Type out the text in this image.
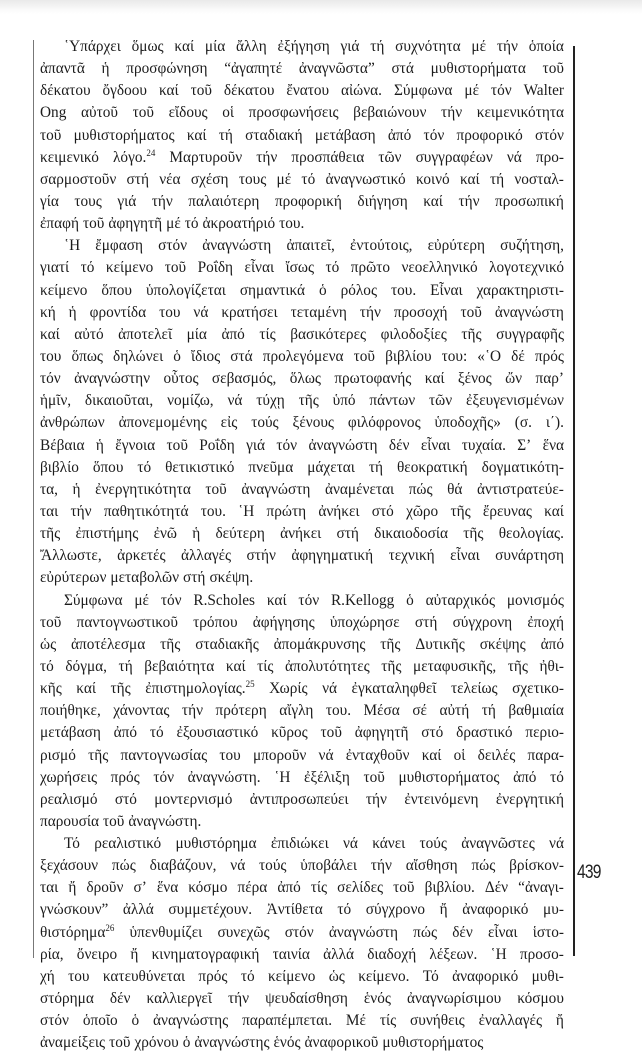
439
῾Υπάρχει ὅμως καί μία ἄλλη ἐξήγηση γιά τή συχνότητα μέ τήν ὁποία
ἀπαντᾶ ἡ προσφώνηση “ἀγαπητέ ἀναγνῶστα” στά μυθιστορήματα τοῦ
δέκατου ὄγδοου καί τοῦ δέκατου ἔνατου αἰώνα. Σύμφωνα μέ τόν Walter
Ong αὐτοῦ τοῦ εἴδους οἱ προσφωνήσεις βεβαιώνουν τήν κειμενικότητα
τοῦ μυθιστορήματος καί τή σταδιακή μετάβαση ἀπό τόν προφορικό στόν
κειμενικό λόγο.$^{24}$ Μαρτυροῦν τήν προσπάθεια τῶν συγγραφέων νά προ-
σαρμοστοῦν στή νέα σχέση τους μέ τό ἀναγνωστικό κοινό καί τή νοσταλ-
γία τους γιά τήν παλαιότερη προφορική διήγηση καί τήν προσωπική
ἐπαφή τοῦ ἀφηγητῆ μέ τό ἀκροατήριό του.
῾Η ἔμφαση στόν ἀναγνώστη ἀπαιτεῖ, ἐντούτοις, εὐρύτερη συζήτηση,
γιατί τό κείμενο τοῦ Ροΐδη εἶναι ἴσως τό πρῶτο νεοελληνικό λογοτεχνικό
κείμενο ὅπου ὑπολογίζεται σημαντικά ὁ ρόλος του. Εἶναι χαρακτηριστι-
κή ἡ φροντίδα του νά κρατήσει τεταμένη τήν προσοχή τοῦ ἀναγνώστη
καί αὐτό ἀποτελεῖ μία ἀπό τίς βασικότερες φιλοδοξίες τῆς συγγραφῆς
του ὅπως δηλώνει ὁ ἴδιος στά προλεγόμενα τοῦ βιβλίου του: «῾Ο δέ πρός
τόν ἀναγνώστην οὗτος σεβασμός, ὅλως πρωτοφανής καί ξένος ὤν παρ’
ἡμῖν, δικαιοῦται, νομίζω, νά τύχῃ τῆς ὑπό πάντων τῶν ἐξευγενισμένων
ἀνθρώπων ἀπονεμομένης εἰς τούς ξένους φιλόφρονος ὑποδοχῆς» (σ. ι΄).
Βέβαια ἡ ἔγνοια τοῦ Ροΐδη γιά τόν ἀναγνώστη δέν εἶναι τυχαία. Σ’ ἕνα
βιβλίο ὅπου τό θετικιστικό πνεῦμα μάχεται τή θεοκρατική δογματικότη-
τα, ἡ ἐνεργητικότητα τοῦ ἀναγνώστη ἀναμένεται πώς θά ἀντιστρατεύε-
ται τήν παθητικότητά του. ῾Η πρώτη ἀνήκει στό χῶρο τῆς ἔρευνας καί
τῆς ἐπιστήμης ἐνῶ ἡ δεύτερη ἀνήκει στή δικαιοδοσία τῆς θεολογίας.
Ἄλλωστε, ἀρκετές ἀλλαγές στήν ἀφηγηματική τεχνική εἶναι συνάρτηση
εὐρύτερων μεταβολῶν στή σκέψη.
Σύμφωνα μέ τόν R.Scholes καί τόν R.Kellogg ὁ αὐταρχικός μονισμός
τοῦ παντογνωστικοῦ τρόπου ἀφήγησης ὑποχώρησε στή σύγχρονη ἐποχή
ὡς ἀποτέλεσμα τῆς σταδιακῆς ἀπομάκρυνσης τῆς Δυτικῆς σκέψης ἀπό
τό δόγμα, τή βεβαιότητα καί τίς ἀπολυτότητες τῆς μεταφυσικῆς, τῆς ἠθι-
κῆς καί τῆς ἐπιστημολογίας.$^{25}$ Χωρίς νά ἐγκαταληφθεῖ τελείως σχετικο-
ποιήθηκε, χάνοντας τήν πρότερη αἴγλη του. Μέσα σέ αὐτή τή βαθμιαία
μετάβαση ἀπό τό ἐξουσιαστικό κῦρος τοῦ ἀφηγητῆ στό δραστικό περιο-
ρισμό τῆς παντογνωσίας του μποροῦν νά ἐνταχθοῦν καί οἱ δειλές παρα-
χωρήσεις πρός τόν ἀναγνώστη. ῾Η ἐξέλιξη τοῦ μυθιστορήματος ἀπό τό
ρεαλισμό στό μοντερνισμό ἀντιπροσωπεύει τήν ἐντεινόμενη ἐνεργητική
παρουσία τοῦ ἀναγνώστη.
Τό ρεαλιστικό μυθιστόρημα ἐπιδιώκει νά κάνει τούς ἀναγνῶστες νά
ξεχάσουν πώς διαβάζουν, νά τούς ὑποβάλει τήν αἴσθηση πώς βρίσκον-
ται ἤ δροῦν σ’ ἕνα κόσμο πέρα ἀπό τίς σελίδες τοῦ βιβλίου. Δέν “ἀναγι-
γνώσκουν” ἀλλά συμμετέχουν. Ἀντίθετα τό σύγχρονο ἤ ἀναφορικό μυ-
θιστόρημα$^{26}$ ὑπενθυμίζει συνεχῶς στόν ἀναγνώστη πώς δέν εἶναι ἱστο-
ρία, ὄνειρο ἤ κινηματογραφική ταινία ἀλλά διαδοχή λέξεων. ῾Η προσο-
χή του κατευθύνεται πρός τό κείμενο ὡς κείμενο. Τό ἀναφορικό μυθι-
στόρημα δέν καλλιεργεῖ τήν ψευδαίσθηση ἑνός ἀναγνωρίσιμου κόσμου
στόν ὁποῖο ὁ ἀναγνώστης παραπέμπεται. Μέ τίς συνήθεις ἐναλλαγές ἤ
ἀναμείξεις τοῦ χρόνου ὁ ἀναγνώστης ἑνός ἀναφορικοῦ μυθιστορήματος
